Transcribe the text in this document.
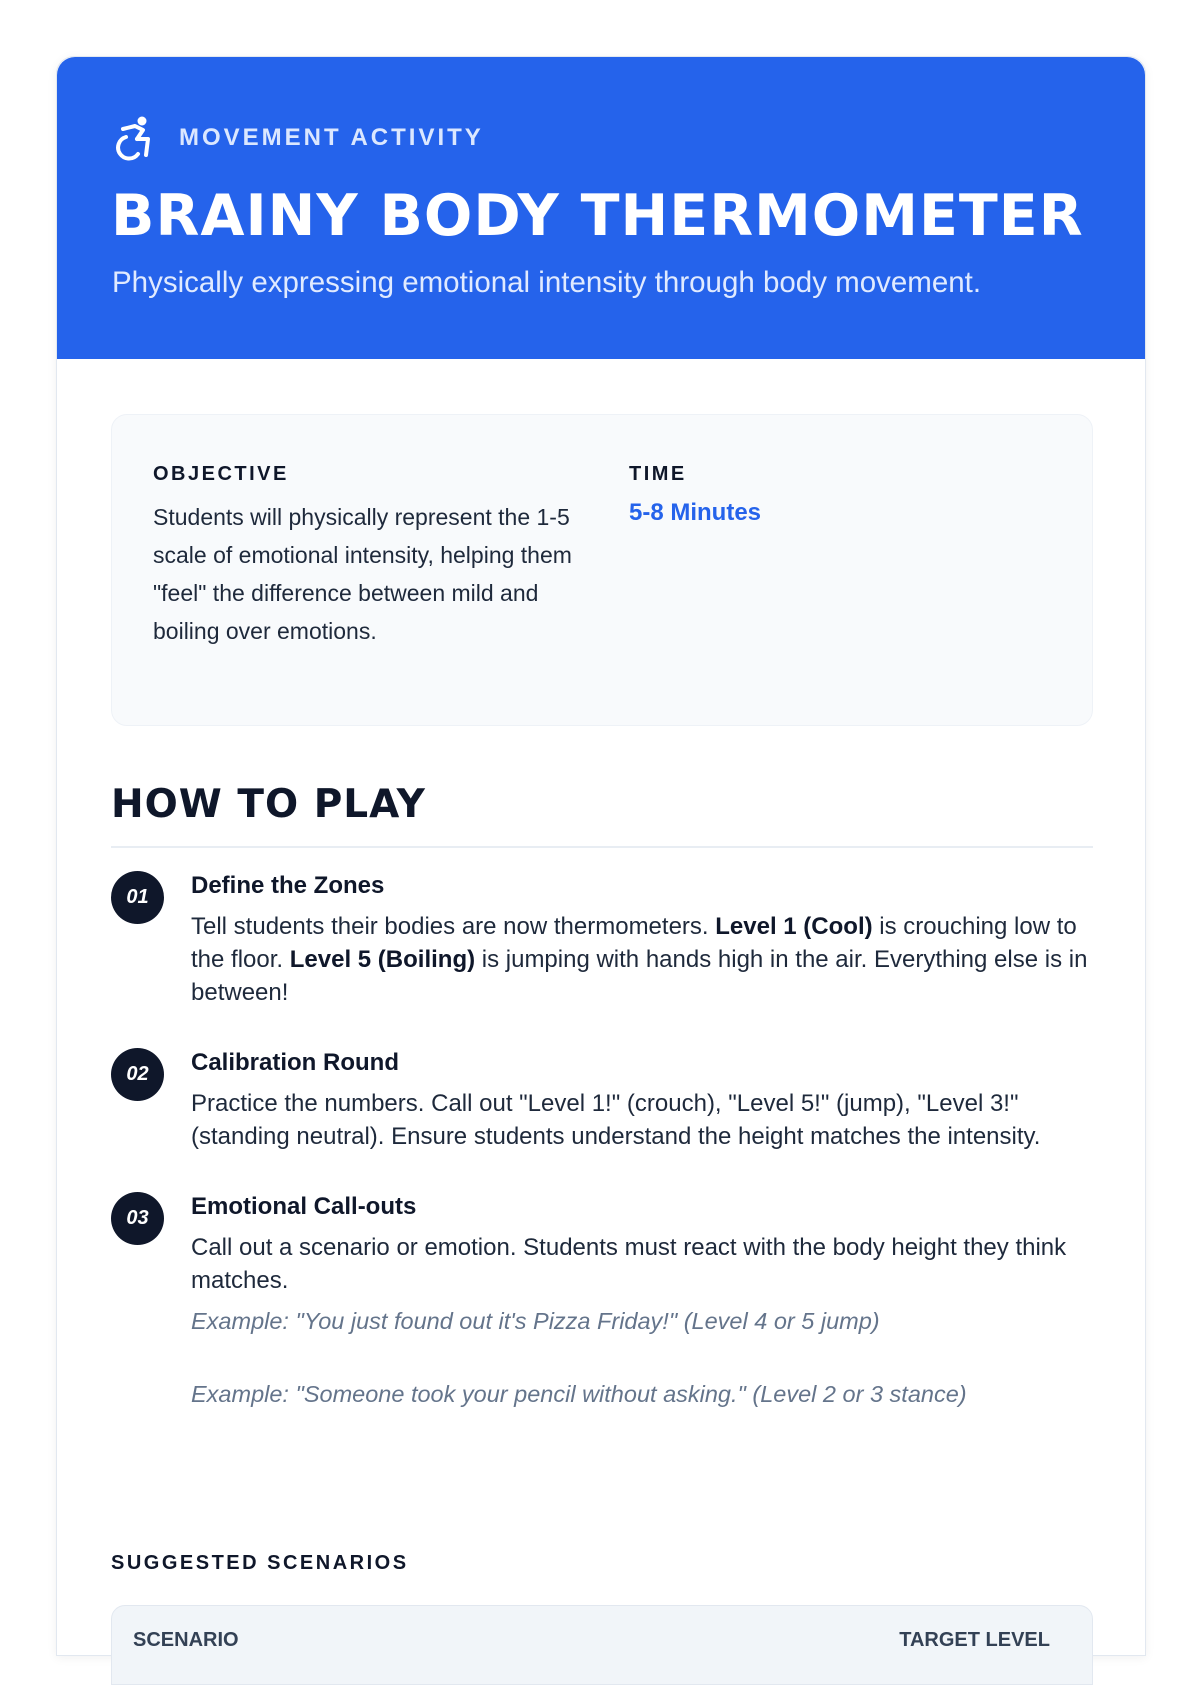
MOVEMENT ACTIVITY
BRAINY BODY THERMOMETER
Physically expressing emotional intensity through body movement.
OBJECTIVE
Students will physically represent the 1-5 scale of emotional intensity, helping them "feel" the difference between mild and boiling over emotions.
TIME
5-8 Minutes
HOW TO PLAY
01	Define the Zones
Tell students their bodies are now thermometers. Level 1 (Cool) is crouching low to the floor. Level 5 (Boiling) is jumping with hands high in the air. Everything else is in between!
02	Calibration Round
Practice the numbers. Call out "Level 1!" (crouch), "Level 5!" (jump), "Level 3!" (standing neutral). Ensure students understand the height matches the intensity.
03	Emotional Call-outs
Call out a scenario or emotion. Students must react with the body height they think matches.
Example: "You just found out it's Pizza Friday!" (Level 4 or 5 jump)
Example: "Someone took your pencil without asking." (Level 2 or 3 stance)
SUGGESTED SCENARIOS
SCENARIO	TARGET LEVEL
